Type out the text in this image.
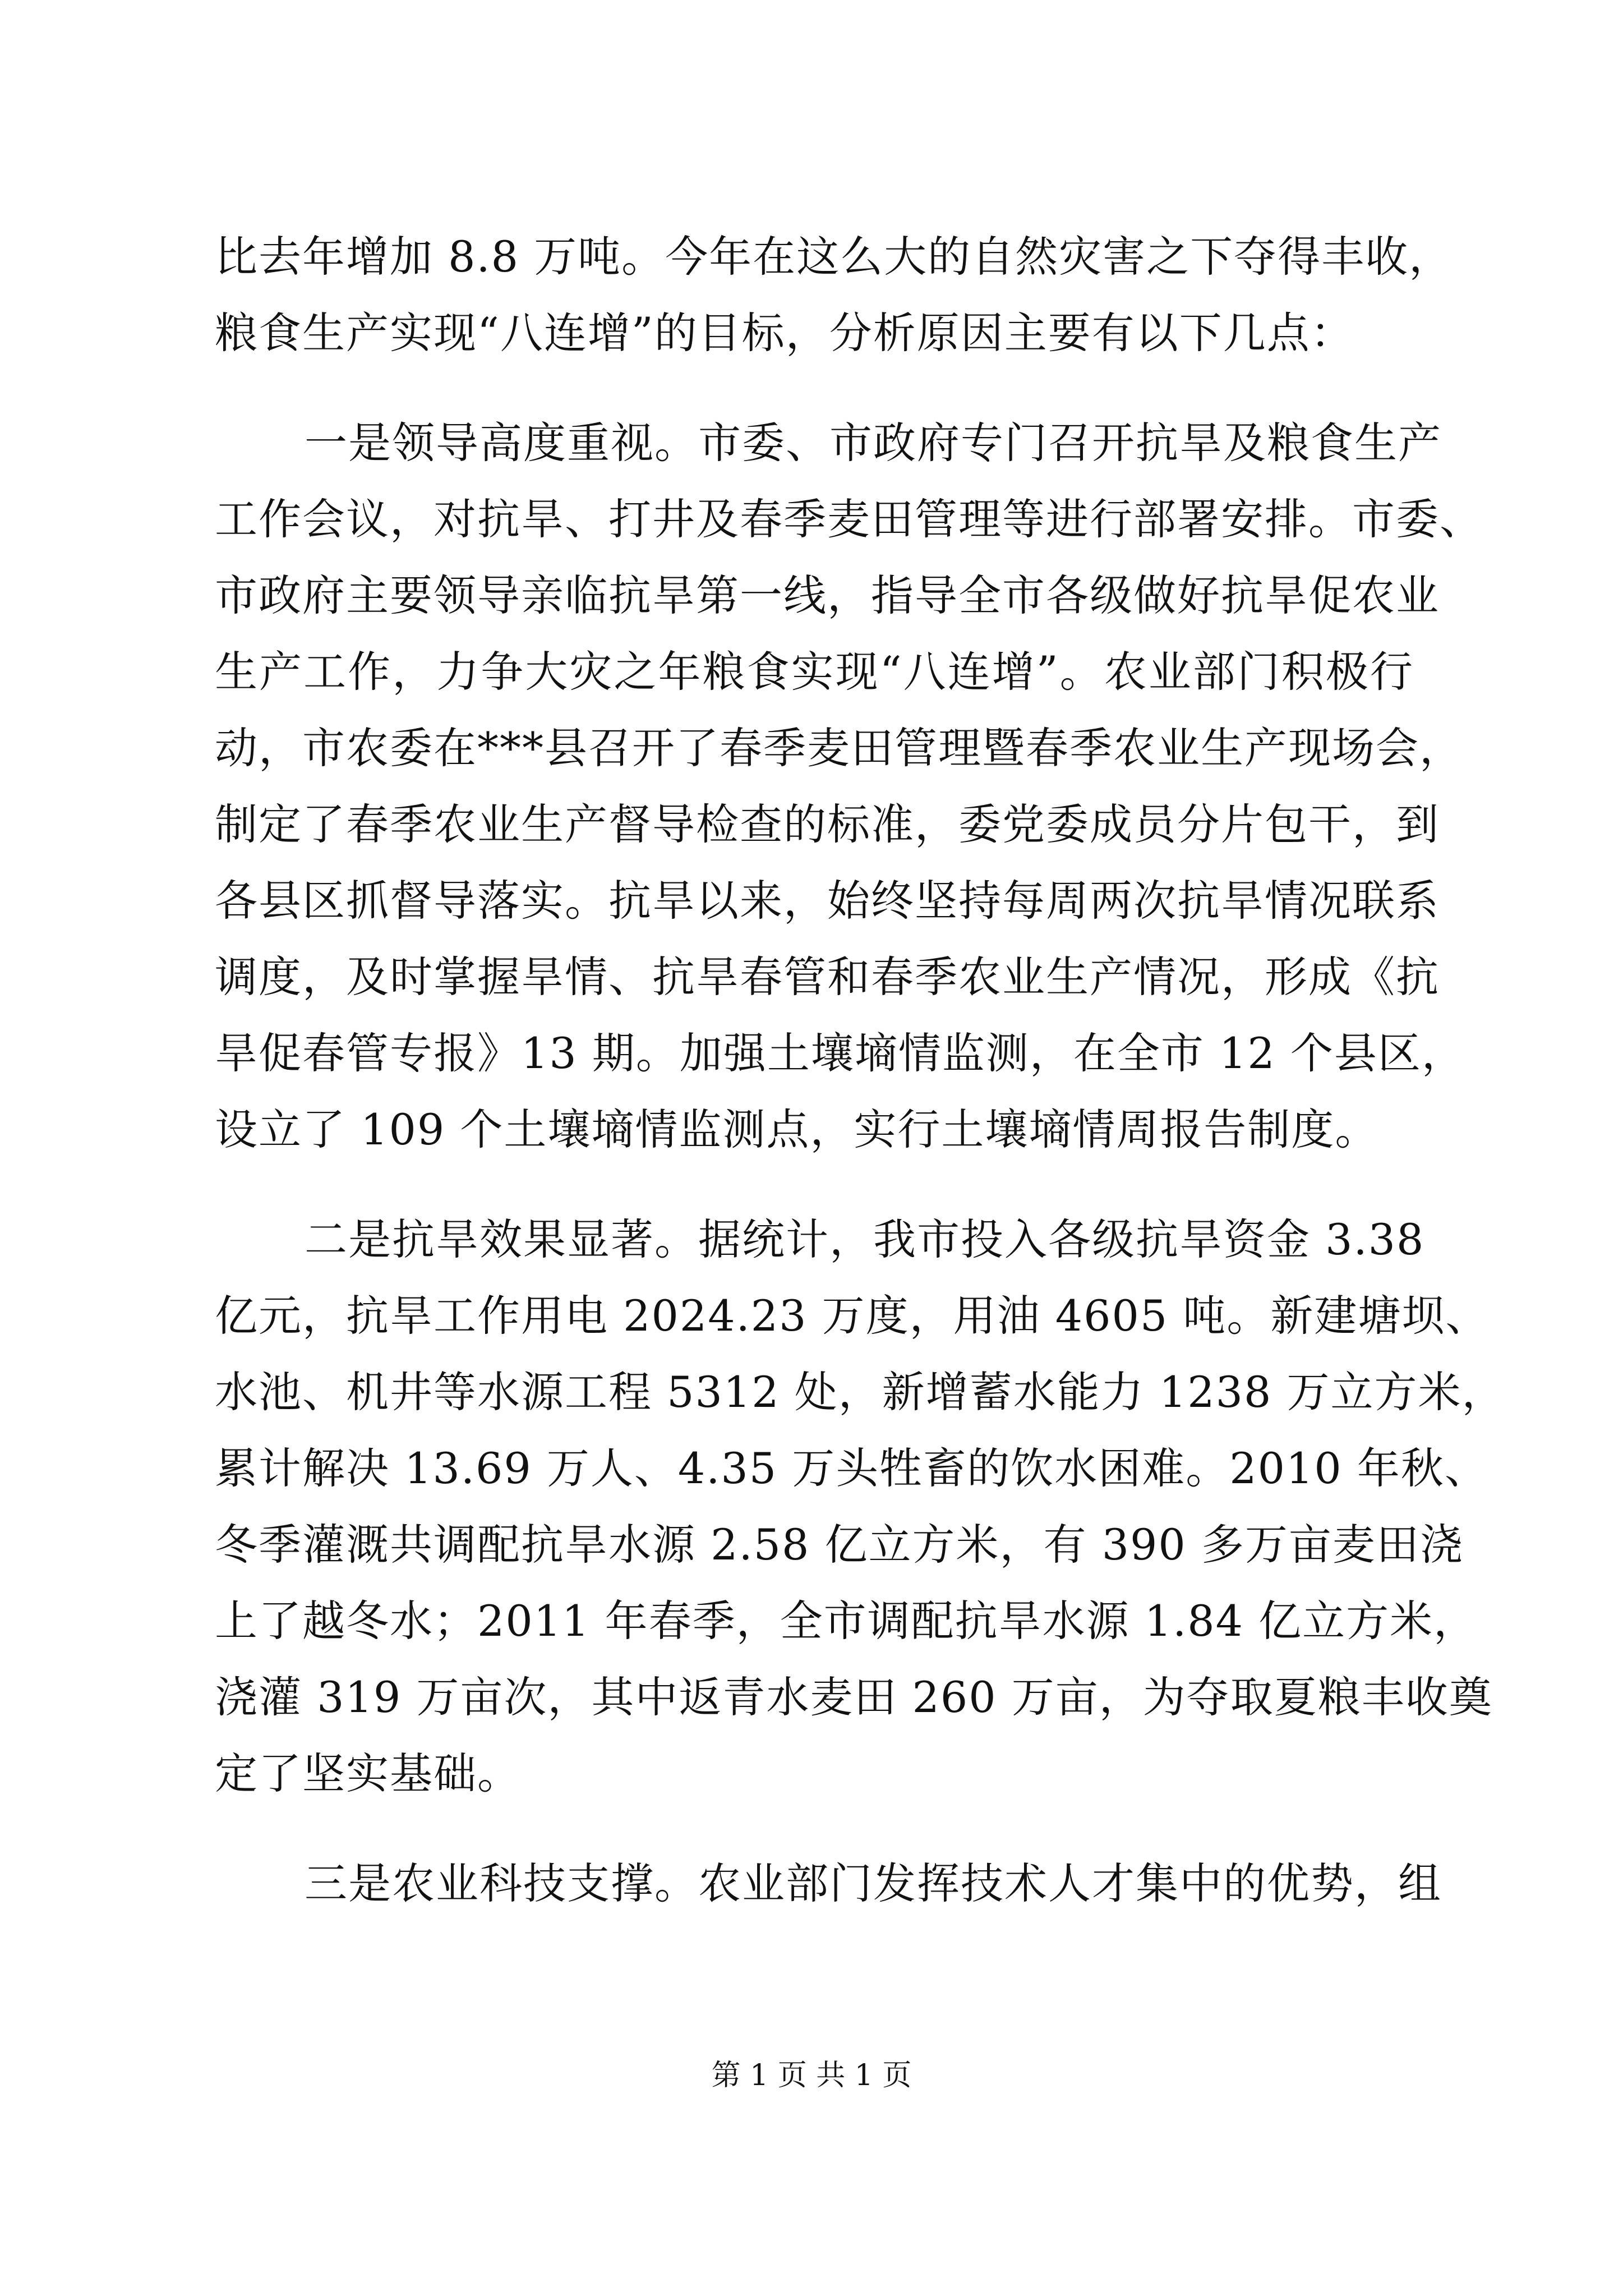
比去年增加 8.8 万吨。今年在这么大的自然灾害之下夺得丰收，
粮食生产实现“八连增”的目标，分析原因主要有以下几点：
一是领导高度重视。市委、市政府专门召开抗旱及粮食生产
工作会议，对抗旱、打井及春季麦田管理等进行部署安排。市委、
市政府主要领导亲临抗旱第一线，指导全市各级做好抗旱促农业
生产工作，力争大灾之年粮食实现“八连增”。农业部门积极行
动，市农委在***县召开了春季麦田管理暨春季农业生产现场会，
制定了春季农业生产督导检查的标准，委党委成员分片包干，到
各县区抓督导落实。抗旱以来，始终坚持每周两次抗旱情况联系
调度，及时掌握旱情、抗旱春管和春季农业生产情况，形成《抗
旱促春管专报》13 期。加强土壤墒情监测，在全市 12 个县区，
设立了 109 个土壤墒情监测点，实行土壤墒情周报告制度。
二是抗旱效果显著。据统计，我市投入各级抗旱资金 3.38
亿元，抗旱工作用电 2024.23 万度，用油 4605 吨。新建塘坝、
水池、机井等水源工程 5312 处，新增蓄水能力 1238 万立方米，
累计解决 13.69 万人、4.35 万头牲畜的饮水困难。2010 年秋、
冬季灌溉共调配抗旱水源 2.58 亿立方米，有 390 多万亩麦田浇
上了越冬水；2011 年春季，全市调配抗旱水源 1.84 亿立方米，
浇灌 319 万亩次，其中返青水麦田 260 万亩，为夺取夏粮丰收奠
定了坚实基础。
三是农业科技支撑。农业部门发挥技术人才集中的优势，组
第 1 页 共 1 页
